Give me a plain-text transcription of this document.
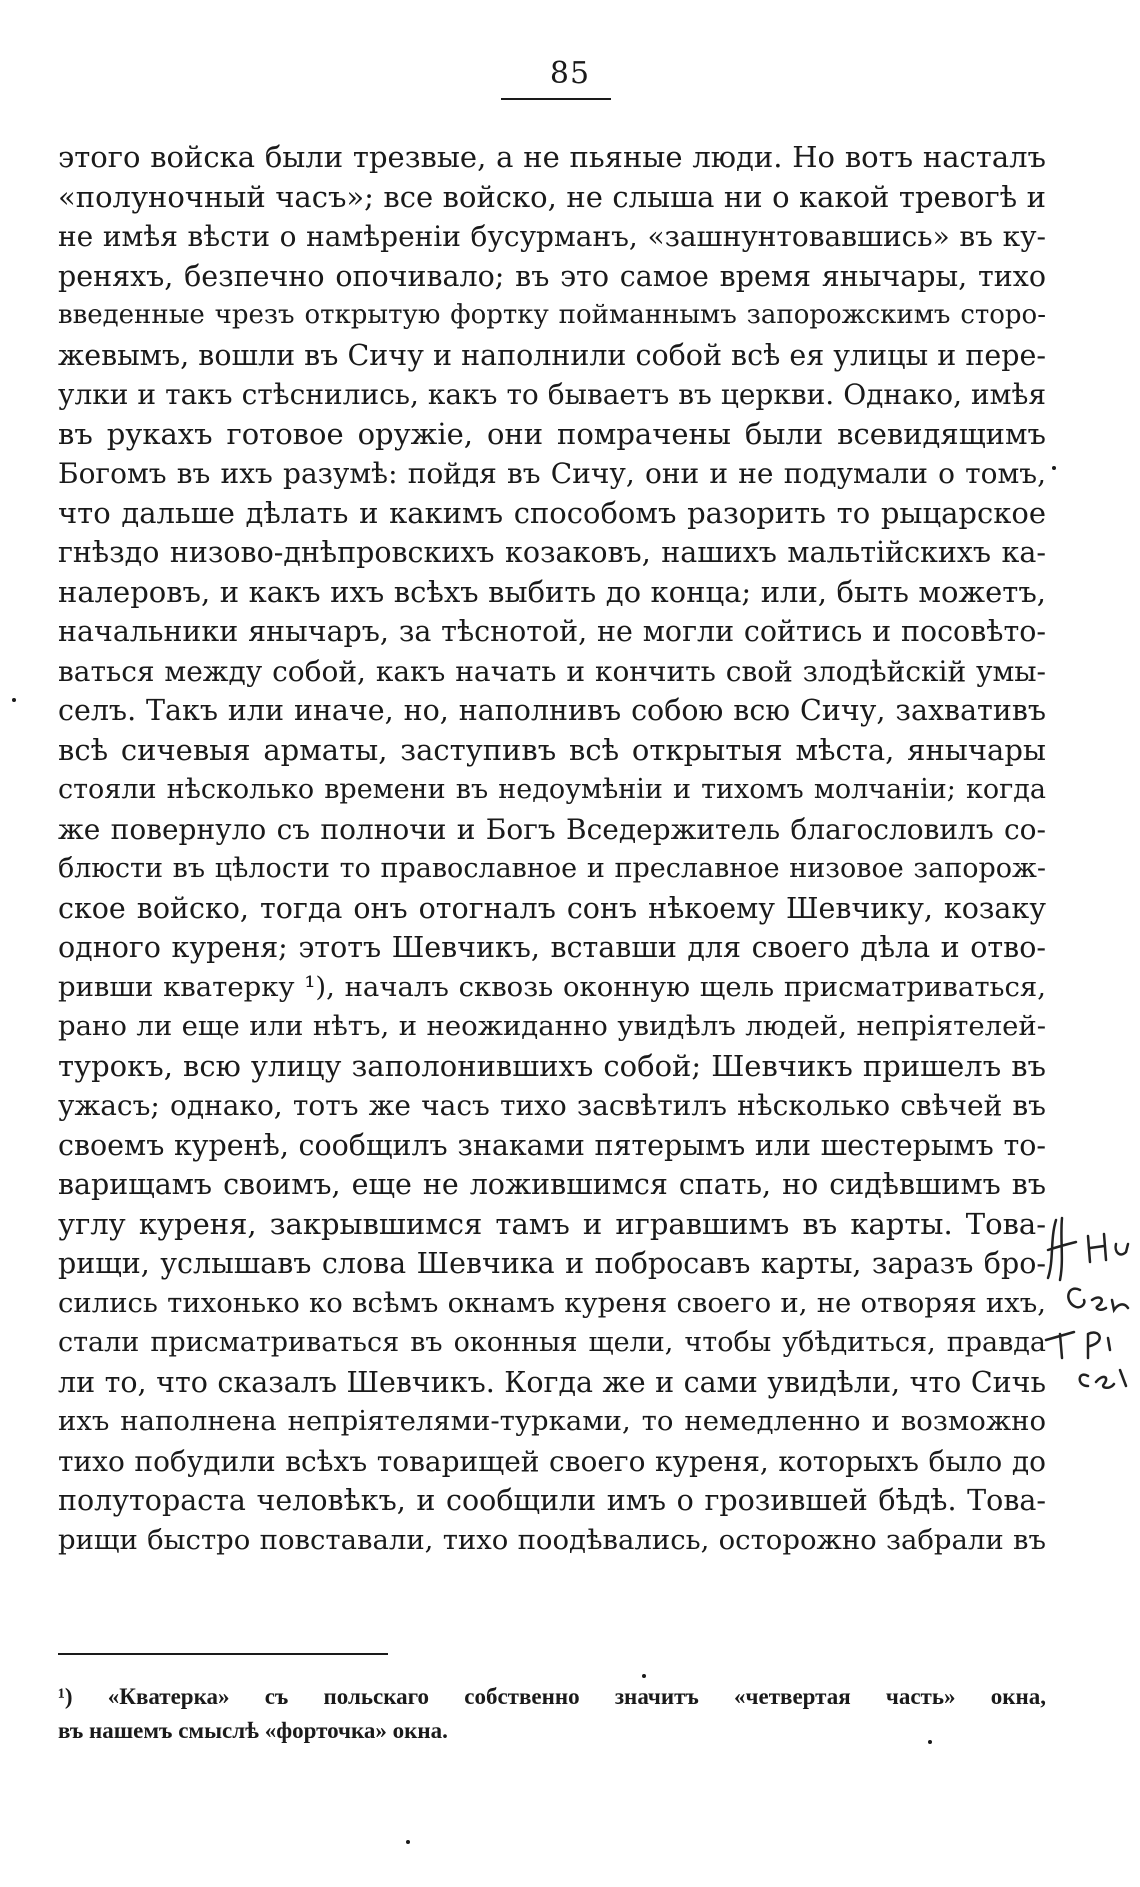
85
этого войска были трезвые, а не пьяные люди. Но вотъ насталъ
«полуночный часъ»; все войско, не слыша ни о какой тревогѣ и
не имѣя вѣсти о намѣреніи бусурманъ, «зашнунтовавшись» въ ку-
реняхъ, безпечно опочивало; въ это самое время янычары, тихо
введенные чрезъ открытую фортку пойманнымъ запорожскимъ сторо-
жевымъ, вошли въ Сичу и наполнили собой всѣ ея улицы и пере-
улки и такъ стѣснились, какъ то бываетъ въ церкви. Однако, имѣя
въ рукахъ готовое оружіе, они помрачены были всевидящимъ
Богомъ въ ихъ разумѣ: пойдя въ Сичу, они и не подумали о томъ,
что дальше дѣлать и какимъ способомъ разорить то рыцарское
гнѣздо низово-днѣпровскихъ козаковъ, нашихъ мальтійскихъ ка-
налеровъ, и какъ ихъ всѣхъ выбить до конца; или, быть можетъ,
начальники янычаръ, за тѣснотой, не могли сойтись и посовѣто-
ваться между собой, какъ начать и кончить свой злодѣйскій умы-
селъ. Такъ или иначе, но, наполнивъ собою всю Сичу, захвативъ
всѣ сичевыя арматы, заступивъ всѣ открытыя мѣста, янычары
стояли нѣсколько времени въ недоумѣніи и тихомъ молчаніи; когда
же повернуло съ полночи и Богъ Вседержитель благословилъ со-
блюсти въ цѣлости то православное и преславное низовое запорож-
ское войско, тогда онъ отогналъ сонъ нѣкоему Шевчику, козаку
одного куреня; этотъ Шевчикъ, вставши для своего дѣла и отво-
ривши кватерку ¹), началъ сквозь оконную щель присматриваться,
рано ли еще или нѣтъ, и неожиданно увидѣлъ людей, непріятелей-
турокъ, всю улицу заполонившихъ собой; Шевчикъ пришелъ въ
ужасъ; однако, тотъ же часъ тихо засвѣтилъ нѣсколько свѣчей въ
своемъ куренѣ, сообщилъ знаками пятерымъ или шестерымъ то-
варищамъ своимъ, еще не ложившимся спать, но сидѣвшимъ въ
углу куреня, закрывшимся тамъ и игравшимъ въ карты. Това-
рищи, услышавъ слова Шевчика и побросавъ карты, заразъ бро-
сились тихонько ко всѣмъ окнамъ куреня своего и, не отворяя ихъ,
стали присматриваться въ оконныя щели, чтобы убѣдиться, правда
ли то, что сказалъ Шевчикъ. Когда же и сами увидѣли, что Сичь
ихъ наполнена непріятелями-турками, то немедленно и возможно
тихо побудили всѣхъ товарищей своего куреня, которыхъ было до
полутораста человѣкъ, и сообщили имъ о грозившей бѣдѣ. Това-
рищи быстро повставали, тихо поодѣвались, осторожно забрали въ
¹) «Кватерка» съ польскаго собственно значитъ «четвертая часть» окна,
въ нашемъ смыслѣ «форточка» окна.
